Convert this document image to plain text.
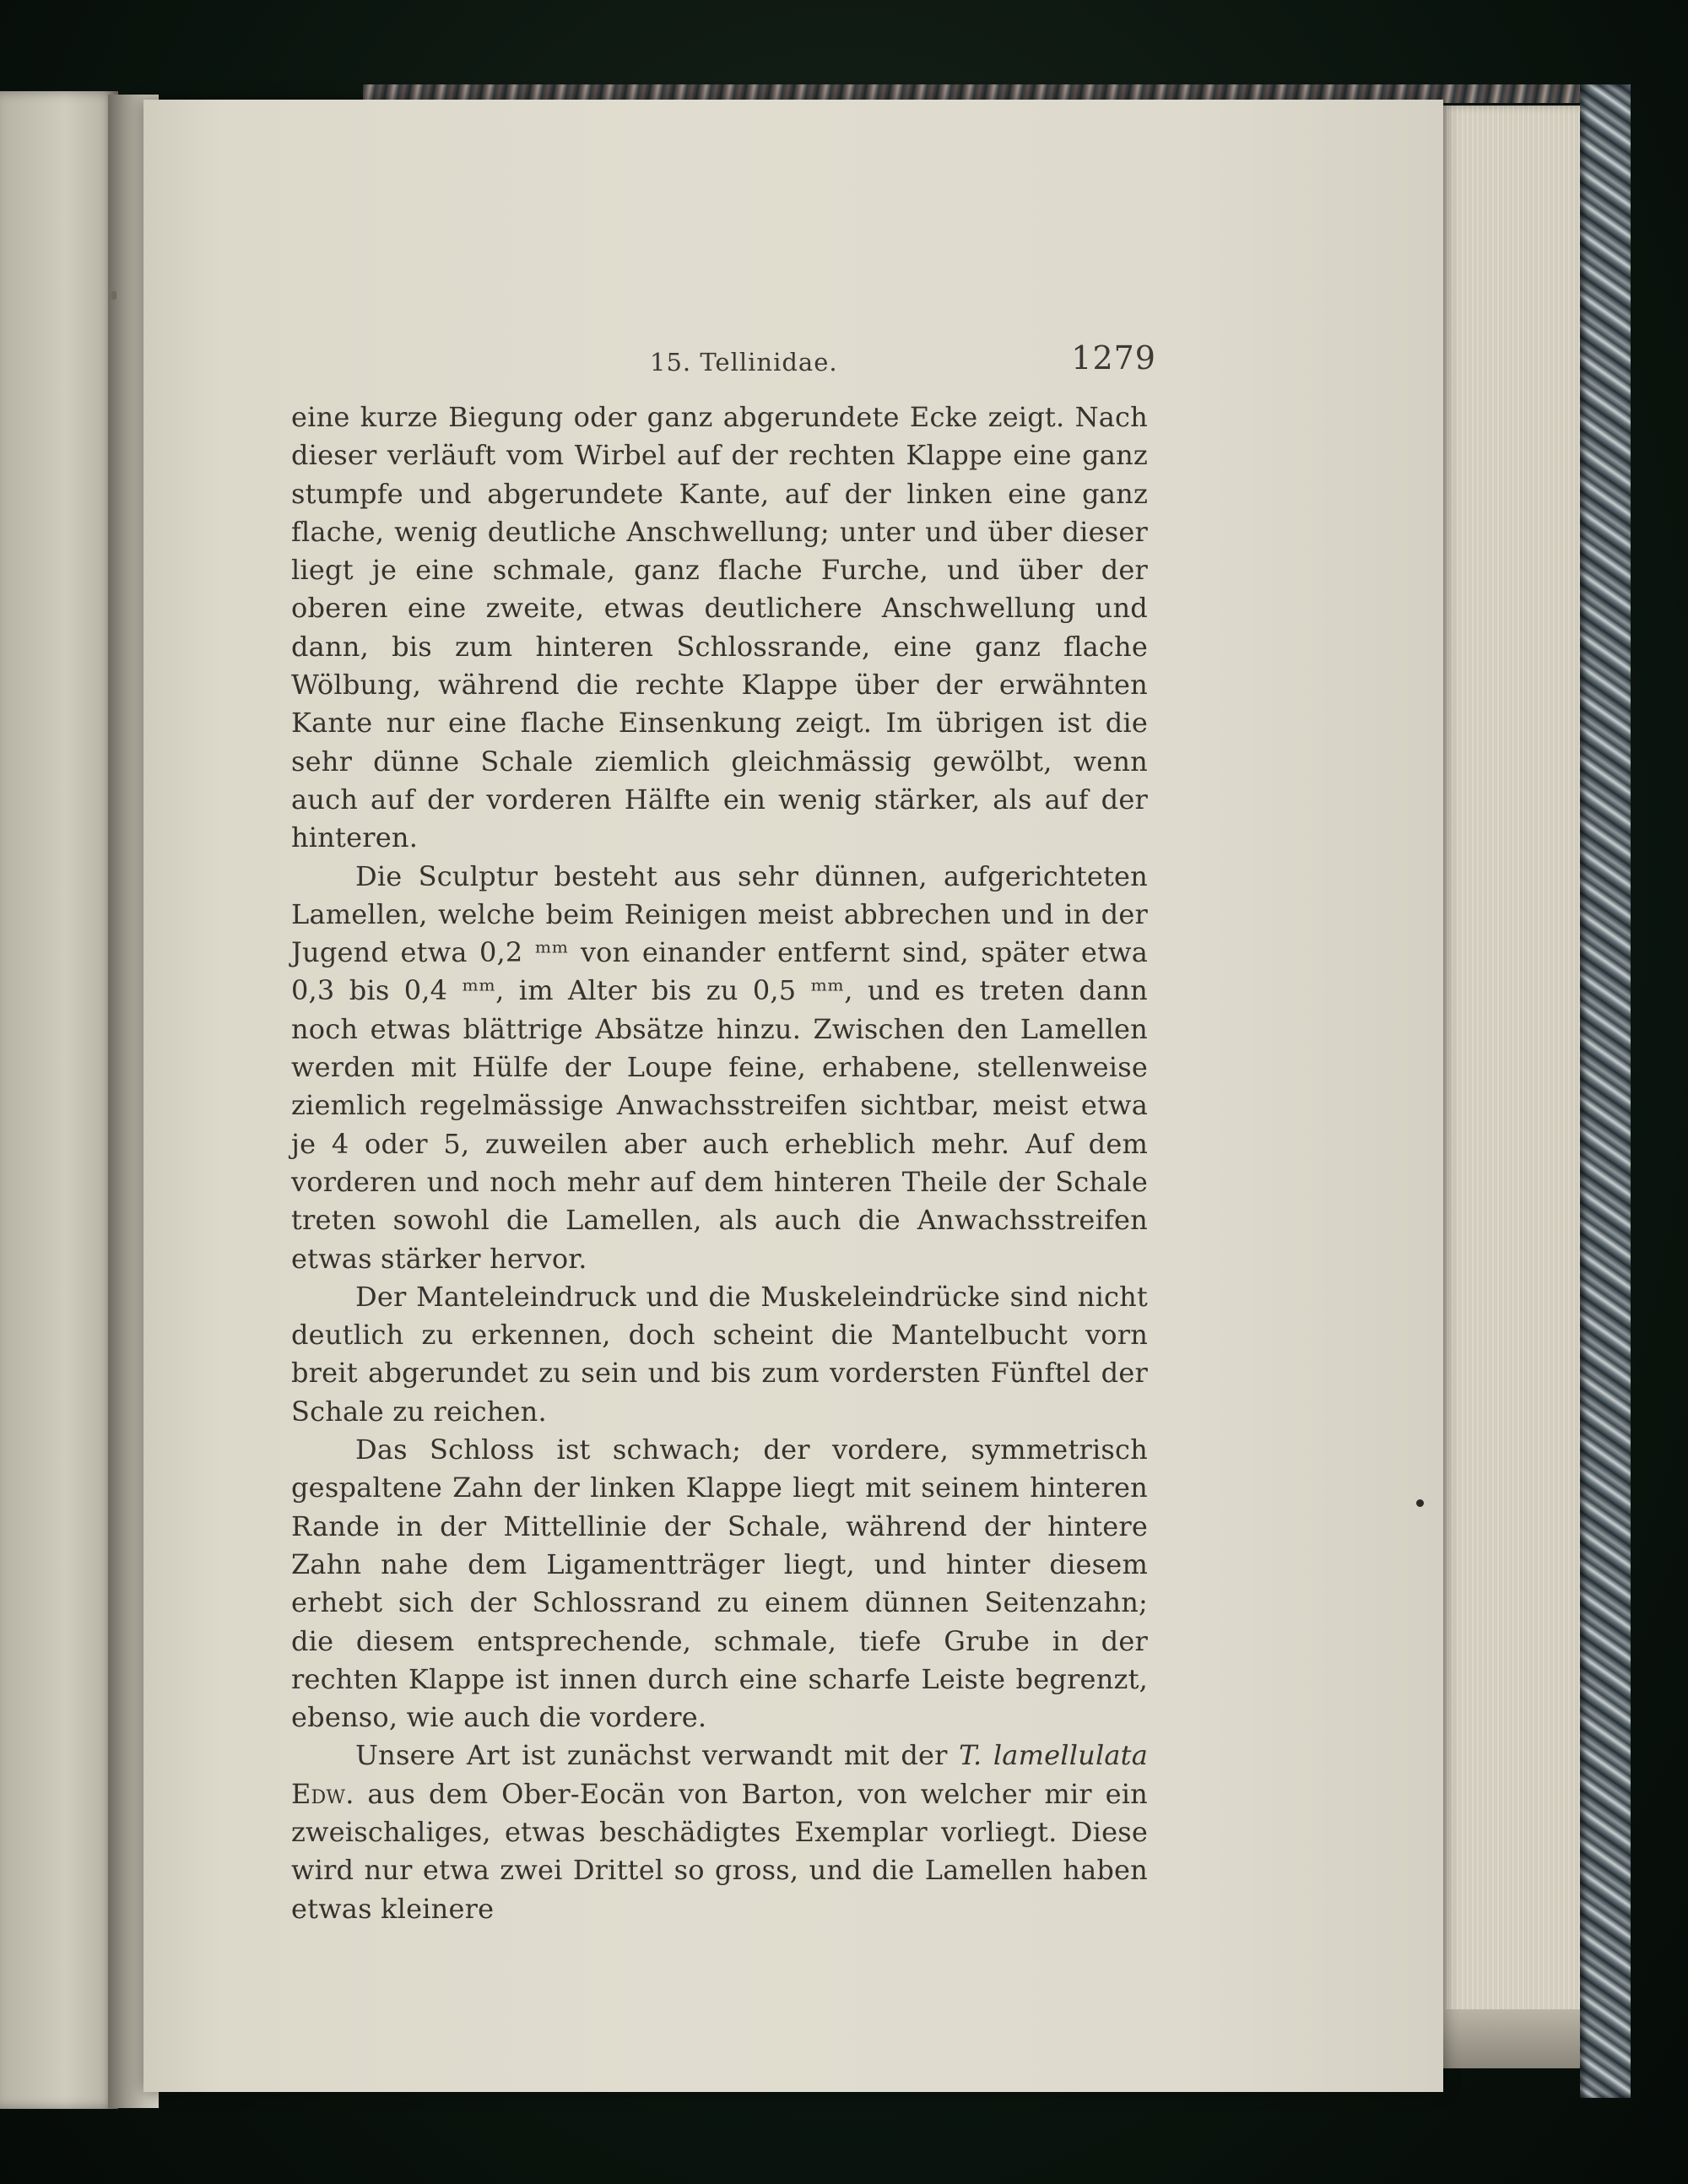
15. Tellinidae.	1279

eine kurze Biegung oder ganz abgerundete Ecke zeigt. Nach dieser verläuft vom Wirbel auf der rechten Klappe eine ganz stumpfe und abgerundete Kante, auf der linken eine ganz flache, wenig deutliche Anschwellung; unter und über dieser liegt je eine schmale, ganz flache Furche, und über der oberen eine zweite, etwas deutlichere Anschwellung und dann, bis zum hinteren Schlossrande, eine ganz flache Wölbung, während die rechte Klappe über der erwähnten Kante nur eine flache Einsenkung zeigt. Im übrigen ist die sehr dünne Schale ziemlich gleichmässig gewölbt, wenn auch auf der vorderen Hälfte ein wenig stärker, als auf der hinteren.

Die Sculptur besteht aus sehr dünnen, aufgerichteten Lamellen, welche beim Reinigen meist abbrechen und in der Jugend etwa 0,2 ᵐᵐ von einander entfernt sind, später etwa 0,3 bis 0,4 ᵐᵐ, im Alter bis zu 0,5 ᵐᵐ, und es treten dann noch etwas blättrige Absätze hinzu. Zwischen den Lamellen werden mit Hülfe der Loupe feine, erhabene, stellenweise ziemlich regelmässige Anwachsstreifen sichtbar, meist etwa je 4 oder 5, zuweilen aber auch erheblich mehr. Auf dem vorderen und noch mehr auf dem hinteren Theile der Schale treten sowohl die Lamellen, als auch die Anwachsstreifen etwas stärker hervor.

Der Manteleindruck und die Muskeleindrücke sind nicht deutlich zu erkennen, doch scheint die Mantelbucht vorn breit abgerundet zu sein und bis zum vordersten Fünftel der Schale zu reichen.

Das Schloss ist schwach; der vordere, symmetrisch gespaltene Zahn der linken Klappe liegt mit seinem hinteren Rande in der Mittellinie der Schale, während der hintere Zahn nahe dem Ligamentträger liegt, und hinter diesem erhebt sich der Schlossrand zu einem dünnen Seitenzahn; die diesem entsprechende, schmale, tiefe Grube in der rechten Klappe ist innen durch eine scharfe Leiste begrenzt, ebenso, wie auch die vordere.

Unsere Art ist zunächst verwandt mit der T. lamellulata Edw. aus dem Ober-Eocän von Barton, von welcher mir ein zweischaliges, etwas beschädigtes Exemplar vorliegt. Diese wird nur etwa zwei Drittel so gross, und die Lamellen haben etwas kleinere
